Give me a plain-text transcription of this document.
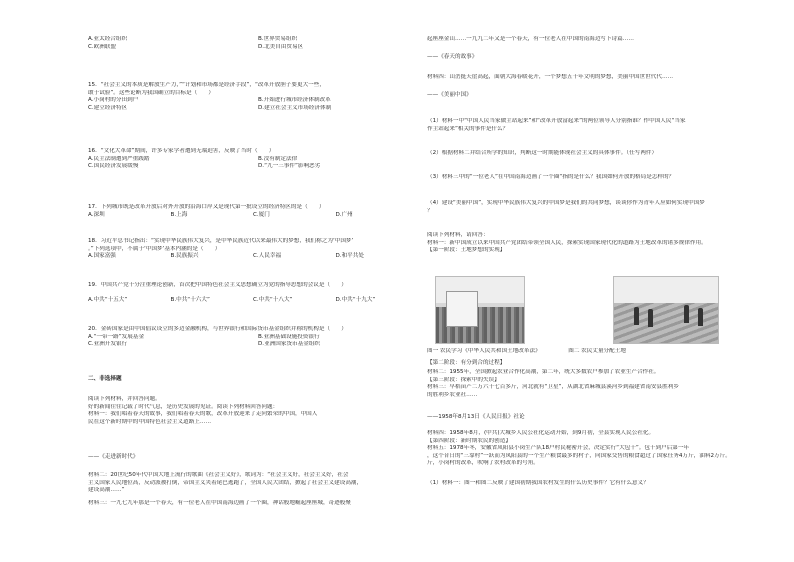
A.亚太经合组织	B.世界贸易组织
C.欧洲联盟	D.北美自由贸易区
15．“社会主义的本质是解放生产力，”“计划和市场都是经济手段”，“改革开放胆子要更大一些，
敢于试验”。这些论断为我国确立的目标是（　　）
A.小岗村的分田到户	B.开始进行城市经济体制改革
C.建立经济特区	D.建立社会主义市场经济体制
16．“文化大革命”期间，许多专家学者遭到无端迫害，反映了当时（　　）
A.民主法制遭到严重践踏	B.没有制定法律
C.国民经济发展缓慢	D.“九一三事件”影响恶劣
17．下列城市既是改革开放后对外开放的沿海口岸又是现代第一批设立的经济特区的是（　　）
A.深圳	B.上海	C.厦门	D.广州
18．习近平总书记指出：“实现中华民族伟大复兴，是中华民族近代以来最伟大的梦想，我们称之为‘中国梦’
。”下列选项中，不属于‘中国梦’基本内涵的是（　　）
A.国家富强	B.民族振兴	C.人民幸福	D.和平共处
19．中国共产党十分注重理论创新，首次把中国特色社会主义思想确立为党的指导思想的会议是（　　）
A.中共“十五大”	B.中共“十六大”	C.中共“十八大”	D.中共“十九大”
20．金砖国家是由中国倡议设立的多边金融机构，与世界银行和国际货币基金组织并称的机构是（　　）
A.“一带一路”发展基金	B.亚洲基础设施投资银行
C.亚洲开发银行	D.亚洲国家货币基金组织
二、非选择题
阅读下列材料，并回答问题。
好的新闻往往记载了时代气息，是历史发展的见证。阅读下列材料回答问题：
材料一：我们唱着春天的故事，我们唱着春天的歌，改革开放迎来了走向繁荣的中国，中国人
民在这个新时期中的中国特色社会主义道路上……
——《走进新时代》
材料二：20世纪50年代中国大地上流行的歌曲《社会主义好》，歌词为：“社会主义好，社会主义好，社会
主义国家人民地位高，反动派被打倒，帝国主义夹着尾巴逃跑了，全国人民大团结，掀起了社会主义建设高潮，
建设高潮……”
材料三：一九七九年那是一个春天，有一位老人在中国南海边画了一个圈，神话般地崛起座座城，奇迹般聚
起座座金山……一九九二年又是一个春天，有一位老人在中国的南海边写下诗篇……
——《春天的故事》
材料四：山峦挺天崖高起，面朝大海春暖花开，一个梦想五千年文明的梦想，美丽中国世世代代……
——《美丽中国》
（1）材料一中“中国人民当家做主站起来”和“改革开放富起来”的两位领导人分别指谁？作中国人民“当家
作主站起来”相关的事件是什么？
（2）根据材料二并结合所学的知识，判断这一时期能体现社会主义的具体事件。（任写两件）
（3）材料三中的“一位老人”在中国南海边画了一个圈“指的是什么？我国如何开放的格局是怎样的？
（4）建设“美丽中国”，实现中华民族伟大复兴的中国梦是我们的共同梦想，谈谈你作为青年人应如何实现中国梦
？
阅读下列材料，请回答：
材料一：新中国成立以来中国共产党团结带领全国人民，探索实现国家现代化的道路为土地改革的诸多规律作用。
【第一阶段：土地梦想的实现】
图一 农民学习《中华人民共和国土地改革法》	图二 农民丈量分配土地
【第二阶段：有分到合的过程】
材料二：1955年，全国掀起农业合作化高潮，第二年，统大多数农户参加了农业生产合作社。
【第三阶段：探索中的失误】
材料三：早稻亩产二万六千七百多斤，河北就有“卫星”，从湖北省麻城县溪河乡到福建省南安县胜利乡
的胜利乡农业社……
——1958年8月13日《人民日报》社论
材料四：1958年8月，(中共)大城乡人民公社化运动开始，到9月初，全县实现人民公社化。
【第四阶段：新时期农民的创造】
材料五：1978年冬，安徽省凤阳县小岗生产队18户村民秘密开会，决定实行“大包干”。包干到户后第一年
，这个昔日的“三靠村”一跃而为凤阳县的一个生产粮食最多的村子，向国家交售的粮食超过了国家任务4万斤，油料2万斤。
斤，小岗村的改革，吹响了农村改革的号角。
（1）材料一：图一和图二反映了建国初期我国农村发生的什么历史事件？它有什么意义？
